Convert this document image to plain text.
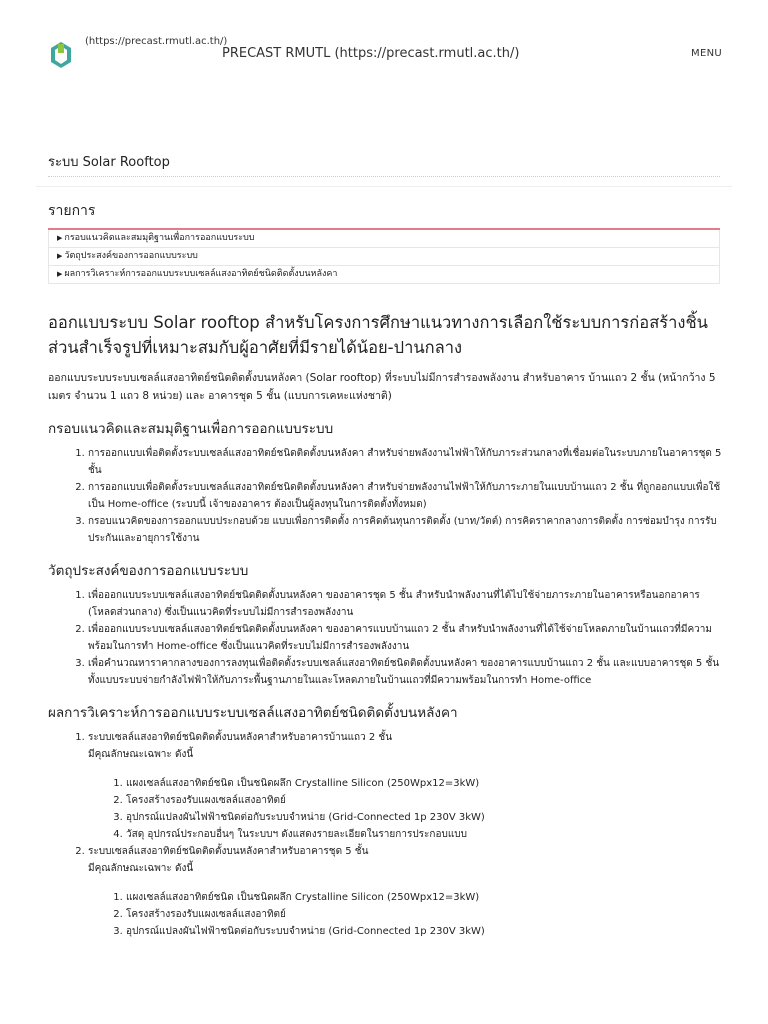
(https://precast.rmutl.ac.th/)
PRECAST RMUTL (https://precast.rmutl.ac.th/)	MENU
ระบบ Solar Rooftop
รายการ
▶ กรอบแนวคิดและสมมุติฐานเพื่อการออกแบบระบบ
▶ วัตถุประสงค์ของการออกแบบระบบ
▶ ผลการวิเคราะห์การออกแบบระบบเซลล์แสงอาทิตย์ชนิดติดตั้งบนหลังคา
ออกแบบระบบ Solar rooftop สำหรับโครงการศึกษาแนวทางการเลือกใช้ระบบการก่อสร้างชิ้นส่วนสำเร็จรูปที่เหมาะสมกับผู้อาศัยที่มีรายได้น้อย-ปานกลาง

ออกแบบระบบระบบเซลล์แสงอาทิตย์ชนิดติดตั้งบนหลังคา (Solar rooftop) ที่ระบบไม่มีการสำรองพลังงาน สำหรับอาคาร บ้านแถว 2 ชั้น (หน้ากว้าง 5 เมตร จำนวน 1 แถว 8 หน่วย) และ อาคารชุด 5 ชั้น (แบบการเคหะแห่งชาติ)

กรอบแนวคิดและสมมุติฐานเพื่อการออกแบบระบบ
1. การออกแบบเพื่อติดตั้งระบบเซลล์แสงอาทิตย์ชนิดติดตั้งบนหลังคา สำหรับจ่ายพลังงานไฟฟ้าให้กับภาระส่วนกลางที่เชื่อมต่อในระบบภายในอาคารชุด 5 ชั้น
2. การออกแบบเพื่อติดตั้งระบบเซลล์แสงอาทิตย์ชนิดติดตั้งบนหลังคา สำหรับจ่ายพลังงานไฟฟ้าให้กับภาระภายในแบบบ้านแถว 2 ชั้น ที่ถูกออกแบบเพื่อใช้เป็น Home-office (ระบบนี้ เจ้าของอาคาร ต้องเป็นผู้ลงทุนในการติดตั้งทั้งหมด)
3. กรอบแนวคิดของการออกแบบประกอบด้วย แบบเพื่อการติดตั้ง การคิดต้นทุนการติดตั้ง (บาท/วัตต์) การคิดราคากลางการติดตั้ง การซ่อมบำรุง การรับประกันและอายุการใช้งาน
วัตถุประสงค์ของการออกแบบระบบ
1. เพื่อออกแบบระบบเซลล์แสงอาทิตย์ชนิดติดตั้งบนหลังคา ของอาคารชุด 5 ชั้น สำหรับนำพลังงานที่ได้ไปใช้จ่ายภาระภายในอาคารหรือนอกอาคาร (โหลดส่วนกลาง) ซึ่งเป็นแนวคิดที่ระบบไม่มีการสำรองพลังงาน
2. เพื่อออกแบบระบบเซลล์แสงอาทิตย์ชนิดติดตั้งบนหลังคา ของอาคารแบบบ้านแถว 2 ชั้น สำหรับนำพลังงานที่ได้ใช้จ่ายโหลดภายในบ้านแถวที่มีความพร้อมในการทำ Home-office ซึ่งเป็นแนวคิดที่ระบบไม่มีการสำรองพลังงาน
3. เพื่อคำนวณหาราคากลางของการลงทุนเพื่อติดตั้งระบบเซลล์แสงอาทิตย์ชนิดติดตั้งบนหลังคา ของอาคารแบบบ้านแถว 2 ชั้น และแบบอาคารชุด 5 ชั้น ทั้งแบบระบบจ่ายกำลังไฟฟ้าให้กับภาระพื้นฐานภายในและโหลดภายในบ้านแถวที่มีความพร้อมในการทำ Home-office
ผลการวิเคราะห์การออกแบบระบบเซลล์แสงอาทิตย์ชนิดติดตั้งบนหลังคา
1. ระบบเซลล์แสงอาทิตย์ชนิดติดตั้งบนหลังคาสำหรับอาคารบ้านแถว 2 ชั้น
มีคุณลักษณะเฉพาะ ดังนี้
1. แผงเซลล์แสงอาทิตย์ชนิด เป็นชนิดผลึก Crystalline Silicon (250Wpx12=3kW)
2. โครงสร้างรองรับแผงเซลล์แสงอาทิตย์
3. อุปกรณ์แปลงผันไฟฟ้าชนิดต่อกับระบบจำหน่าย (Grid-Connected 1p 230V 3kW)
4. วัสดุ อุปกรณ์ประกอบอื่นๆ ในระบบฯ ดังแสดงรายละเอียดในรายการประกอบแบบ
2. ระบบเซลล์แสงอาทิตย์ชนิดติดตั้งบนหลังคาสำหรับอาคารชุด 5 ชั้น
มีคุณลักษณะเฉพาะ ดังนี้
1. แผงเซลล์แสงอาทิตย์ชนิด เป็นชนิดผลึก Crystalline Silicon (250Wpx12=3kW)
2. โครงสร้างรองรับแผงเซลล์แสงอาทิตย์
3. อุปกรณ์แปลงผันไฟฟ้าชนิดต่อกับระบบจำหน่าย (Grid-Connected 1p 230V 3kW)
